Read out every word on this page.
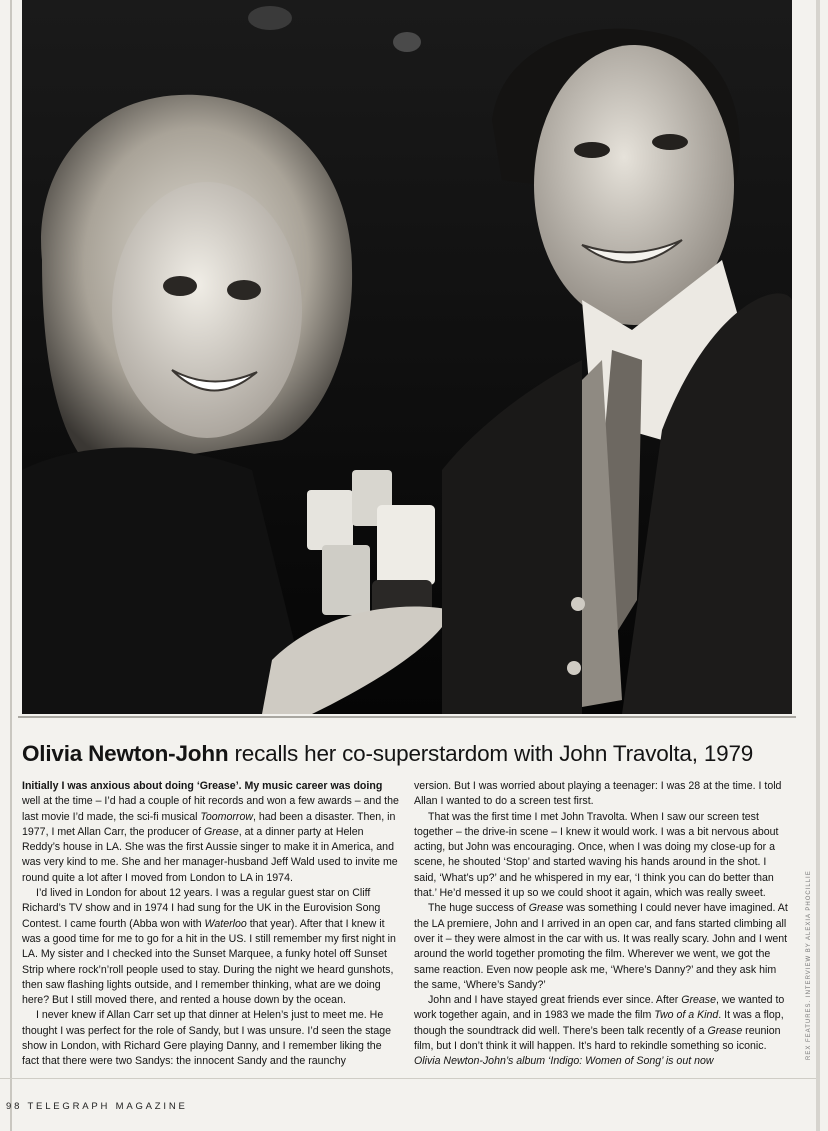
Olivia Newton-John recalls her co-superstardom with John Travolta, 1979

Initially I was anxious about doing ‘Grease’. My music career was doing well at the time – I’d had a couple of hit records and won a few awards – and the last movie I’d made, the sci-fi musical Toomorrow, had been a disaster. Then, in 1977, I met Allan Carr, the producer of Grease, at a dinner party at Helen Reddy’s house in LA. She was the first Aussie singer to make it in America, and was very kind to me. She and her manager-husband Jeff Wald used to invite me round quite a lot after I moved from London to LA in 1974.

I’d lived in London for about 12 years. I was a regular guest star on Cliff Richard’s TV show and in 1974 I had sung for the UK in the Eurovision Song Contest. I came fourth (Abba won with Waterloo that year). After that I knew it was a good time for me to go for a hit in the US. I still remember my first night in LA. My sister and I checked into the Sunset Marquee, a funky hotel off Sunset Strip where rock’n’roll people used to stay. During the night we heard gunshots, then saw flashing lights outside, and I remember thinking, what are we doing here? But I still moved there, and rented a house down by the ocean.

I never knew if Allan Carr set up that dinner at Helen’s just to meet me. He thought I was perfect for the role of Sandy, but I was unsure. I’d seen the stage show in London, with Richard Gere playing Danny, and I remember liking the fact that there were two Sandys: the innocent Sandy and the raunchy

version. But I was worried about playing a teenager: I was 28 at the time. I told Allan I wanted to do a screen test first.

That was the first time I met John Travolta. When I saw our screen test together – the drive-in scene – I knew it would work. I was a bit nervous about acting, but John was encouraging. Once, when I was doing my close-up for a scene, he shouted ‘Stop’ and started waving his hands around in the shot. I said, ‘What’s up?’ and he whispered in my ear, ‘I think you can do better than that.’ He’d messed it up so we could shoot it again, which was really sweet.

The huge success of Grease was something I could never have imagined. At the LA premiere, John and I arrived in an open car, and fans started climbing all over it – they were almost in the car with us. It was really scary. John and I went around the world together promoting the film. Wherever we went, we got the same reaction. Even now people ask me, ‘Where’s Danny?’ and they ask him the same, ‘Where’s Sandy?’

John and I have stayed great friends ever since. After Grease, we wanted to work together again, and in 1983 we made the film Two of a Kind. It was a flop, though the soundtrack did well. There’s been talk recently of a Grease reunion film, but I don’t think it will happen. It’s hard to rekindle something so iconic.

Olivia Newton-John’s album ‘Indigo: Women of Song’ is out now

98 TELEGRAPH MAGAZINE
REX FEATURES. INTERVIEW BY ALEXIA PHOCILLIE
